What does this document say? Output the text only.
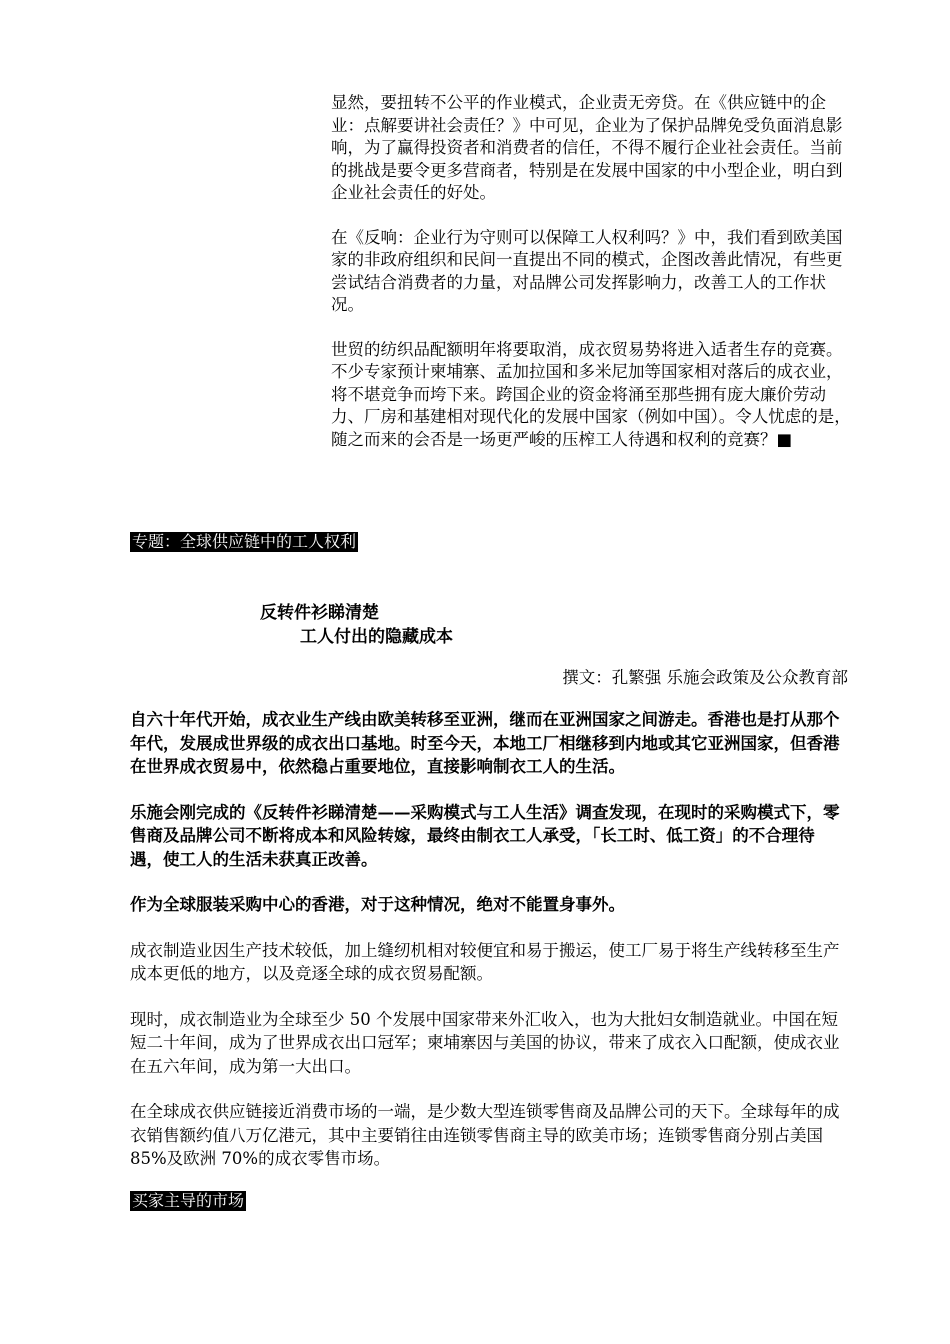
显然，要扭转不公平的作业模式，企业责无旁贷。在《供应链中的企业：点解要讲社会责任？》中可见，企业为了保护品牌免受负面消息影响，为了赢得投资者和消费者的信任，不得不履行企业社会责任。当前的挑战是要令更多营商者，特别是在发展中国家的中小型企业，明白到企业社会责任的好处。

在《反响：企业行为守则可以保障工人权利吗？》中，我们看到欧美国家的非政府组织和民间一直提出不同的模式，企图改善此情况，有些更尝试结合消费者的力量，对品牌公司发挥影响力，改善工人的工作状况。

世贸的纺织品配额明年将要取消，成衣贸易势将进入适者生存的竞赛。不少专家预计柬埔寨、孟加拉国和多米尼加等国家相对落后的成衣业，将不堪竞争而垮下来。跨国企业的资金将涌至那些拥有庞大廉价劳动力、厂房和基建相对现代化的发展中国家（例如中国）。令人忧虑的是，随之而来的会否是一场更严峻的压榨工人待遇和权利的竞赛？■

专题：全球供应链中的工人权利
反转件衫睇清楚
工人付出的隐藏成本
撰文：孔繁强 乐施会政策及公众教育部

自六十年代开始，成衣业生产线由欧美转移至亚洲，继而在亚洲国家之间游走。香港也是打从那个年代，发展成世界级的成衣出口基地。时至今天，本地工厂相继移到内地或其它亚洲国家，但香港在世界成衣贸易中，依然稳占重要地位，直接影响制衣工人的生活。

乐施会刚完成的《反转件衫睇清楚——采购模式与工人生活》调查发现，在现时的采购模式下，零售商及品牌公司不断将成本和风险转嫁，最终由制衣工人承受，「长工时、低工资」的不合理待遇，使工人的生活未获真正改善。

作为全球服装采购中心的香港，对于这种情况，绝对不能置身事外。

成衣制造业因生产技术较低，加上缝纫机相对较便宜和易于搬运，使工厂易于将生产线转移至生产成本更低的地方，以及竞逐全球的成衣贸易配额。

现时，成衣制造业为全球至少 50 个发展中国家带来外汇收入，也为大批妇女制造就业。中国在短短二十年间，成为了世界成衣出口冠军；柬埔寨因与美国的协议，带来了成衣入口配额，使成衣业在五六年间，成为第一大出口。

在全球成衣供应链接近消费市场的一端，是少数大型连锁零售商及品牌公司的天下。全球每年的成衣销售额约值八万亿港元，其中主要销往由连锁零售商主导的欧美市场；连锁零售商分别占美国 85%及欧洲 70%的成衣零售市场。

买家主导的市场
